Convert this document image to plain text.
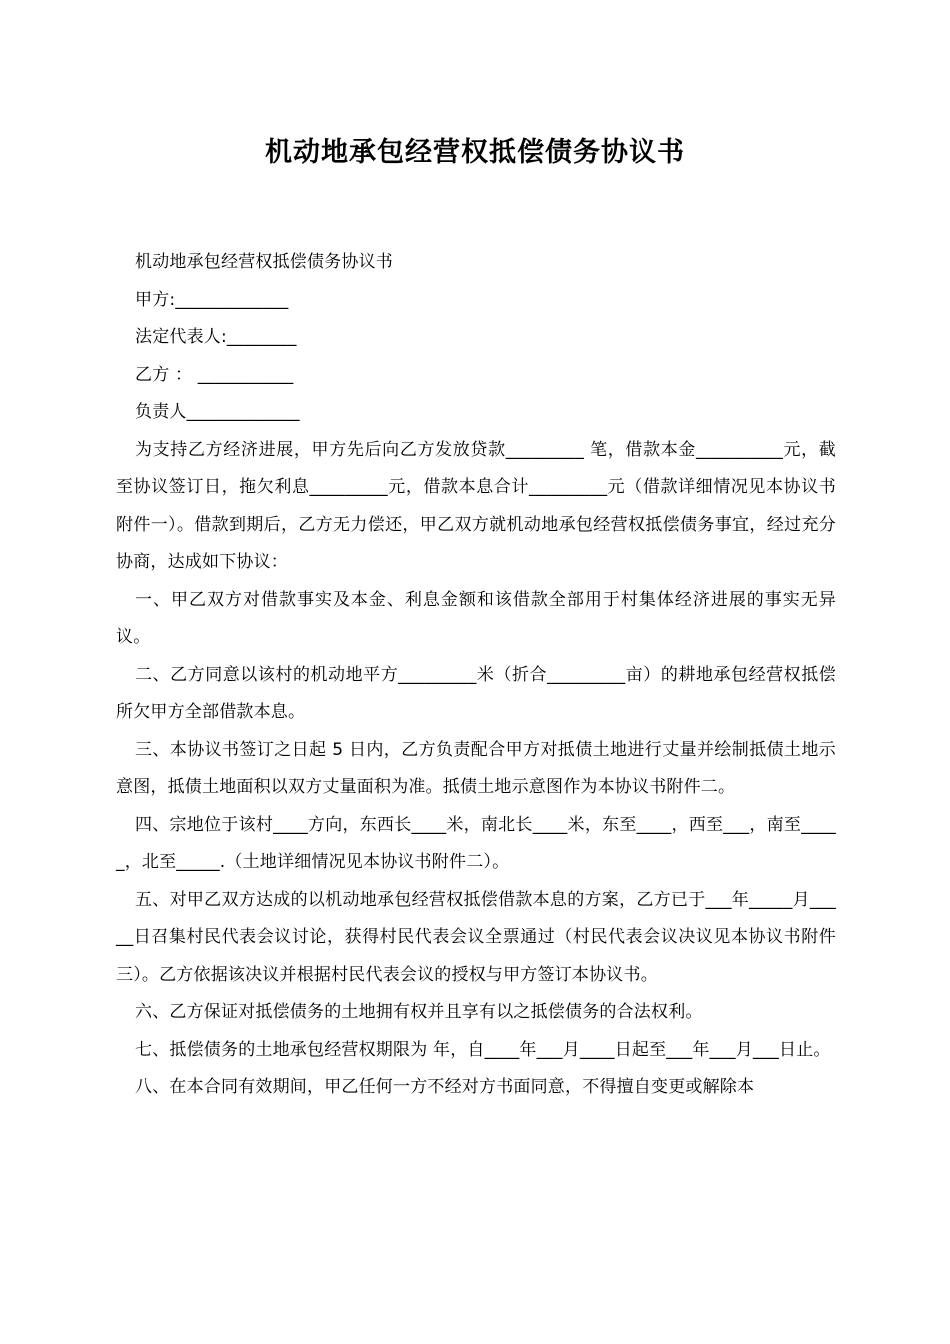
机动地承包经营权抵偿债务协议书

机动地承包经营权抵偿债务协议书

甲方:_____________

法定代表人:________

乙方 ： ___________

负责人_____________

为支持乙方经济进展，甲方先后向乙方发放贷款_________ 笔，借款本金__________元，截至协议签订日，拖欠利息_________元，借款本息合计_________元（借款详细情况见本协议书附件一）。借款到期后，乙方无力偿还，甲乙双方就机动地承包经营权抵偿债务事宜，经过充分协商，达成如下协议：

一、甲乙双方对借款事实及本金、利息金额和该借款全部用于村集体经济进展的事实无异议。

二、乙方同意以该村的机动地平方_________米（折合_________亩）的耕地承包经营权抵偿所欠甲方全部借款本息。

三、本协议书签订之日起 5 日内，乙方负责配合甲方对抵债土地进行丈量并绘制抵债土地示意图，抵债土地面积以双方丈量面积为准。抵债土地示意图作为本协议书附件二。

四、宗地位于该村____方向，东西长____米，南北长____米，东至____，西至___，南至_____，北至_____.（土地详细情况见本协议书附件二）。

五、对甲乙双方达成的以机动地承包经营权抵偿借款本息的方案，乙方已于___年_____月_____日召集村民代表会议讨论，获得村民代表会议全票通过（村民代表会议决议见本协议书附件三）。乙方依据该决议并根据村民代表会议的授权与甲方签订本协议书。

六、乙方保证对抵偿债务的土地拥有权并且享有以之抵偿债务的合法权利。

七、抵偿债务的土地承包经营权期限为 年，自____年___月____日起至___年___月___日止。

八、在本合同有效期间，甲乙任何一方不经对方书面同意，不得擅自变更或解除本
